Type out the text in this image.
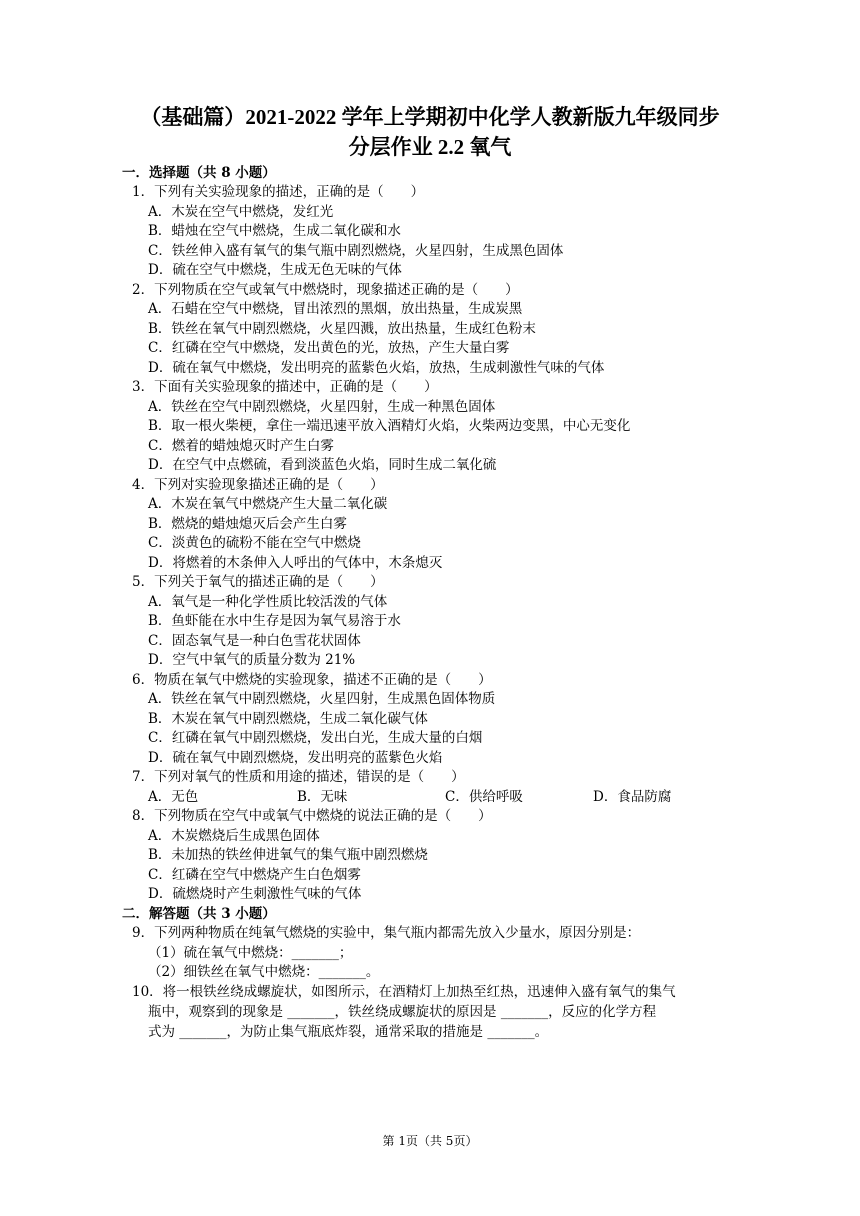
（基础篇）2021-2022 学年上学期初中化学人教新版九年级同步
分层作业 2.2 氧气
一．选择题（共 8 小题）
1．下列有关实验现象的描述，正确的是（　　）
A．木炭在空气中燃烧，发红光
B．蜡烛在空气中燃烧，生成二氧化碳和水
C．铁丝伸入盛有氧气的集气瓶中剧烈燃烧，火星四射，生成黑色固体
D．硫在空气中燃烧，生成无色无味的气体
2．下列物质在空气或氧气中燃烧时，现象描述正确的是（　　）
A．石蜡在空气中燃烧，冒出浓烈的黑烟，放出热量，生成炭黑
B．铁丝在氧气中剧烈燃烧，火星四溅，放出热量，生成红色粉末
C．红磷在空气中燃烧，发出黄色的光，放热，产生大量白雾
D．硫在氧气中燃烧，发出明亮的蓝紫色火焰，放热，生成刺激性气味的气体
3．下面有关实验现象的描述中，正确的是（　　）
A．铁丝在空气中剧烈燃烧，火星四射，生成一种黑色固体
B．取一根火柴梗，拿住一端迅速平放入酒精灯火焰，火柴两边变黑，中心无变化
C．燃着的蜡烛熄灭时产生白雾
D．在空气中点燃硫，看到淡蓝色火焰，同时生成二氧化硫
4．下列对实验现象描述正确的是（　　）
A．木炭在氧气中燃烧产生大量二氧化碳
B．燃烧的蜡烛熄灭后会产生白雾
C．淡黄色的硫粉不能在空气中燃烧
D．将燃着的木条伸入人呼出的气体中，木条熄灭
5．下列关于氧气的描述正确的是（　　）
A．氧气是一种化学性质比较活泼的气体
B．鱼虾能在水中生存是因为氧气易溶于水
C．固态氧气是一种白色雪花状固体
D．空气中氧气的质量分数为 21%
6．物质在氧气中燃烧的实验现象，描述不正确的是（　　）
A．铁丝在氧气中剧烈燃烧，火星四射，生成黑色固体物质
B．木炭在氧气中剧烈燃烧，生成二氧化碳气体
C．红磷在氧气中剧烈燃烧，发出白光，生成大量的白烟
D．硫在氧气中剧烈燃烧，发出明亮的蓝紫色火焰
7．下列对氧气的性质和用途的描述，错误的是（　　）
A．无色	B．无味	C．供给呼吸	D．食品防腐
8．下列物质在空气中或氧气中燃烧的说法正确的是（　　）
A．木炭燃烧后生成黑色固体
B．未加热的铁丝伸进氧气的集气瓶中剧烈燃烧
C．红磷在空气中燃烧产生白色烟雾
D．硫燃烧时产生刺激性气味的气体
二．解答题（共 3 小题）
9．下列两种物质在纯氧气燃烧的实验中，集气瓶内都需先放入少量水，原因分别是：
（1）硫在氧气中燃烧：_______；
（2）细铁丝在氧气中燃烧：_______。
10．将一根铁丝绕成螺旋状，如图所示，在酒精灯上加热至红热，迅速伸入盛有氧气的集气
瓶中，观察到的现象是 _______，铁丝绕成螺旋状的原因是 _______，反应的化学方程
式为 _______，为防止集气瓶底炸裂，通常采取的措施是 _______。
第 1页（共 5页）
